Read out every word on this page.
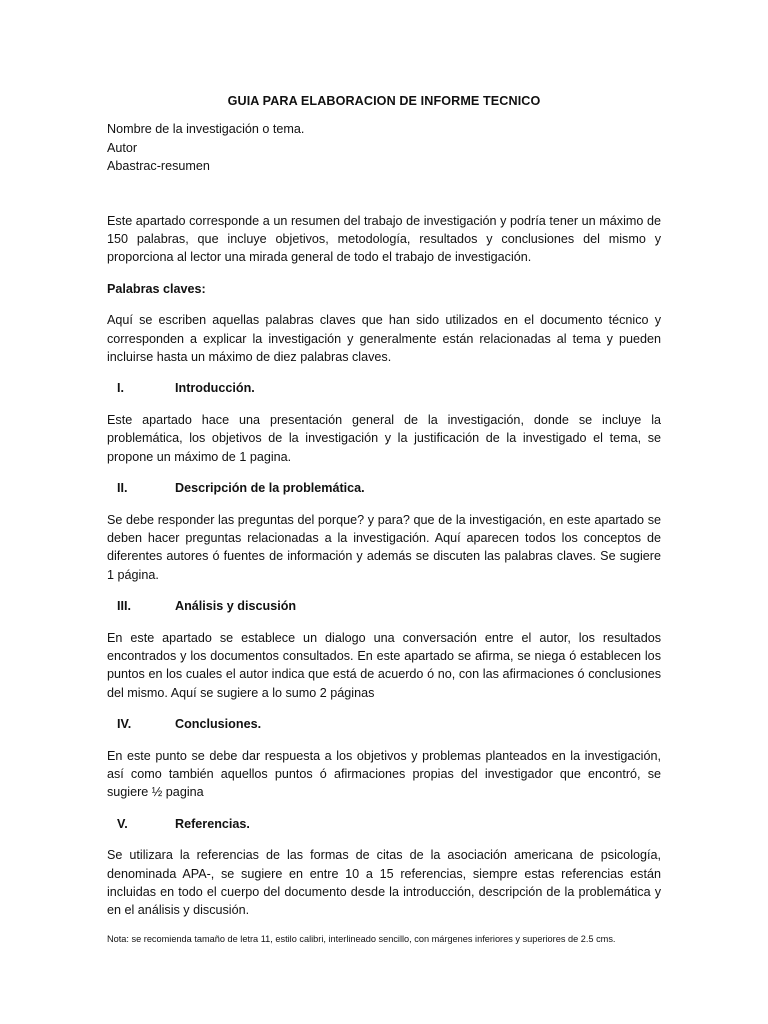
GUIA PARA ELABORACION DE INFORME TECNICO
Nombre de la investigación o tema.
Autor
Abastrac-resumen

Este apartado corresponde a un resumen del trabajo de investigación y podría tener un máximo de 150 palabras, que incluye objetivos, metodología, resultados y conclusiones del mismo y proporciona al lector una mirada general de todo el trabajo de investigación.

Palabras claves:

Aquí se escriben aquellas palabras claves que han sido utilizados en el documento técnico y corresponden a explicar la investigación y generalmente están relacionadas al tema y pueden incluirse hasta un máximo de diez palabras claves.

I.	Introducción.

Este apartado hace una presentación general de la investigación, donde se incluye la problemática, los objetivos de la investigación y la justificación de la investigado el tema, se propone un máximo de 1 pagina.

II.	Descripción de la problemática.

Se debe responder las preguntas del porque? y para? que de la investigación, en este apartado se deben hacer preguntas relacionadas a la investigación. Aquí aparecen todos los conceptos de diferentes autores ó fuentes de información y además se discuten las palabras claves. Se sugiere 1 página.

III.	Análisis y discusión

En este apartado se establece un dialogo una conversación entre el autor, los resultados encontrados y los documentos consultados. En este apartado se afirma, se niega ó establecen los puntos en los cuales el autor indica que está de acuerdo ó no, con las afirmaciones ó conclusiones del mismo. Aquí se sugiere a lo sumo 2 páginas

IV.	Conclusiones.

En este punto se debe dar respuesta a los objetivos y problemas planteados en la investigación, así como también aquellos puntos ó afirmaciones propias del investigador que encontró, se sugiere ½ pagina

V.	Referencias.

Se utilizara la referencias de las formas de citas de la asociación americana de psicología, denominada APA-, se sugiere en entre 10 a 15 referencias, siempre estas referencias están incluidas en todo el cuerpo del documento desde la introducción, descripción de la problemática y en el análisis y discusión.

Nota: se recomienda tamaño de letra 11, estilo calibri, interlineado sencillo, con márgenes inferiores y superiores de 2.5 cms.
